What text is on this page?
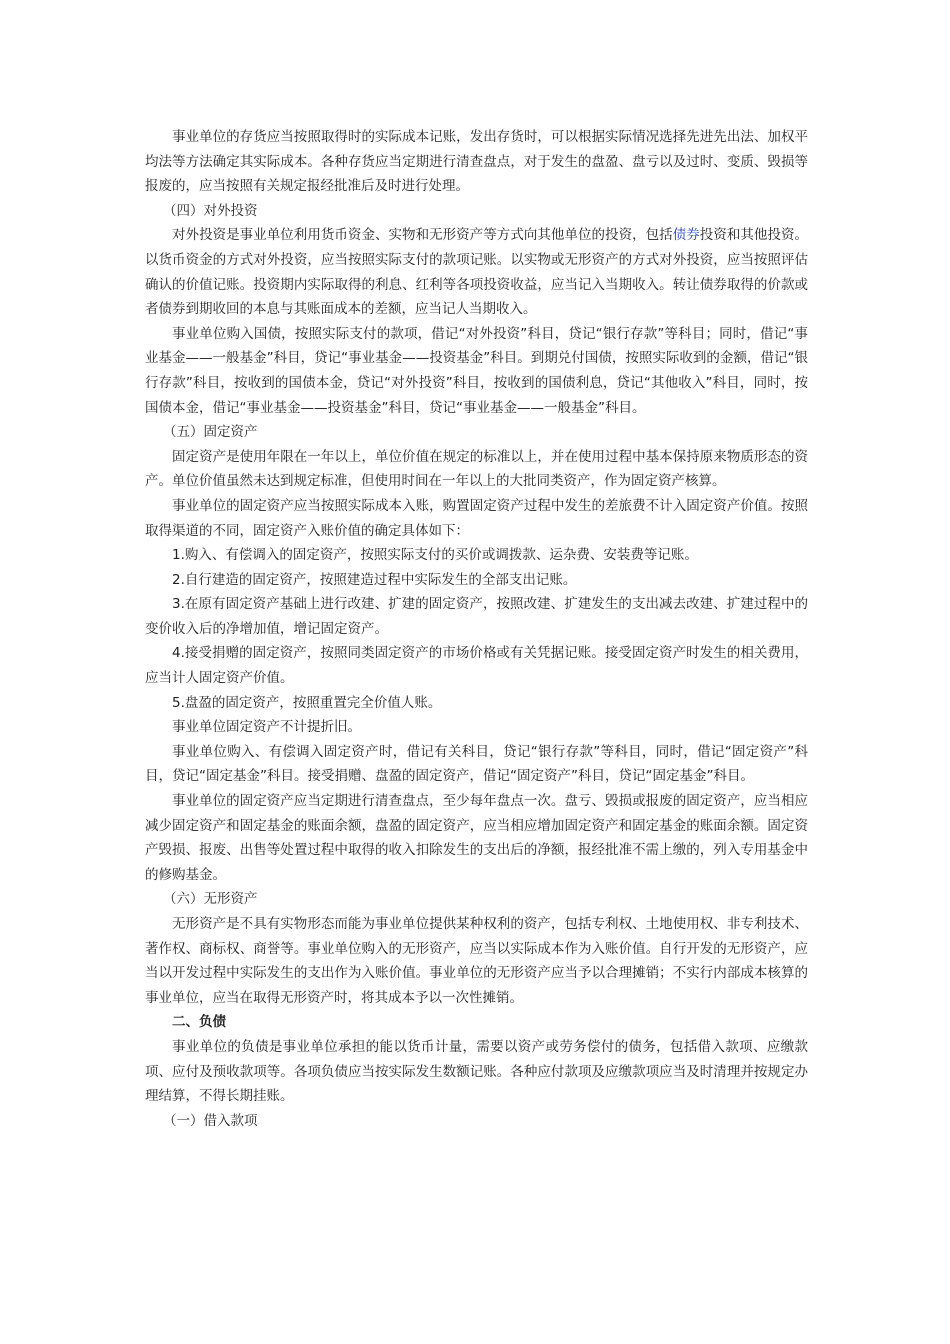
事业单位的存货应当按照取得时的实际成本记账，发出存货时，可以根据实际情况选择先进先出法、加权平均法等方法确定其实际成本。各种存货应当定期进行清查盘点，对于发生的盘盈、盘亏以及过时、变质、毁损等报废的，应当按照有关规定报经批准后及时进行处理。

（四）对外投资

对外投资是事业单位利用货币资金、实物和无形资产等方式向其他单位的投资，包括债券投资和其他投资。以货币资金的方式对外投资，应当按照实际支付的款项记账。以实物或无形资产的方式对外投资，应当按照评估确认的价值记账。投资期内实际取得的利息、红利等各项投资收益，应当记入当期收入。转让债券取得的价款或者债券到期收回的本息与其账面成本的差额，应当记人当期收入。

事业单位购入国债，按照实际支付的款项，借记“对外投资”科目，贷记“银行存款”等科目；同时，借记“事业基金——一般基金”科目，贷记“事业基金——投资基金”科目。到期兑付国债，按照实际收到的金额，借记“银行存款”科目，按收到的国债本金，贷记“对外投资”科目，按收到的国债利息，贷记“其他收入”科目，同时，按国债本金，借记“事业基金——投资基金”科目，贷记“事业基金——一般基金”科目。

（五）固定资产

固定资产是使用年限在一年以上，单位价值在规定的标准以上，并在使用过程中基本保持原来物质形态的资产。单位价值虽然未达到规定标准，但使用时间在一年以上的大批同类资产，作为固定资产核算。

事业单位的固定资产应当按照实际成本入账，购置固定资产过程中发生的差旅费不计入固定资产价值。按照取得渠道的不同，固定资产入账价值的确定具体如下：

1.购入、有偿调入的固定资产，按照实际支付的买价或调拨款、运杂费、安装费等记账。

2.自行建造的固定资产，按照建造过程中实际发生的全部支出记账。

3.在原有固定资产基础上进行改建、扩建的固定资产，按照改建、扩建发生的支出减去改建、扩建过程中的变价收入后的净增加值，增记固定资产。

4.接受捐赠的固定资产，按照同类固定资产的市场价格或有关凭据记账。接受固定资产时发生的相关费用，应当计人固定资产价值。

5.盘盈的固定资产，按照重置完全价值人账。

事业单位固定资产不计提折旧。

事业单位购入、有偿调入固定资产时，借记有关科目，贷记“银行存款”等科目，同时，借记“固定资产”科目，贷记“固定基金”科目。接受捐赠、盘盈的固定资产，借记“固定资产”科目，贷记“固定基金”科目。

事业单位的固定资产应当定期进行清查盘点，至少每年盘点一次。盘亏、毁损或报废的固定资产，应当相应减少固定资产和固定基金的账面余额，盘盈的固定资产，应当相应增加固定资产和固定基金的账面余额。固定资产毁损、报废、出售等处置过程中取得的收入扣除发生的支出后的净额，报经批准不需上缴的，列入专用基金中的修购基金。

（六）无形资产

无形资产是不具有实物形态而能为事业单位提供某种权利的资产，包括专利权、土地使用权、非专利技术、著作权、商标权、商誉等。事业单位购入的无形资产，应当以实际成本作为入账价值。自行开发的无形资产，应当以开发过程中实际发生的支出作为入账价值。事业单位的无形资产应当予以合理摊销；不实行内部成本核算的事业单位，应当在取得无形资产时，将其成本予以一次性摊销。

二、负债

事业单位的负债是事业单位承担的能以货币计量，需要以资产或劳务偿付的债务，包括借入款项、应缴款项、应付及预收款项等。各项负债应当按实际发生数额记账。各种应付款项及应缴款项应当及时清理并按规定办理结算，不得长期挂账。

（一）借入款项
